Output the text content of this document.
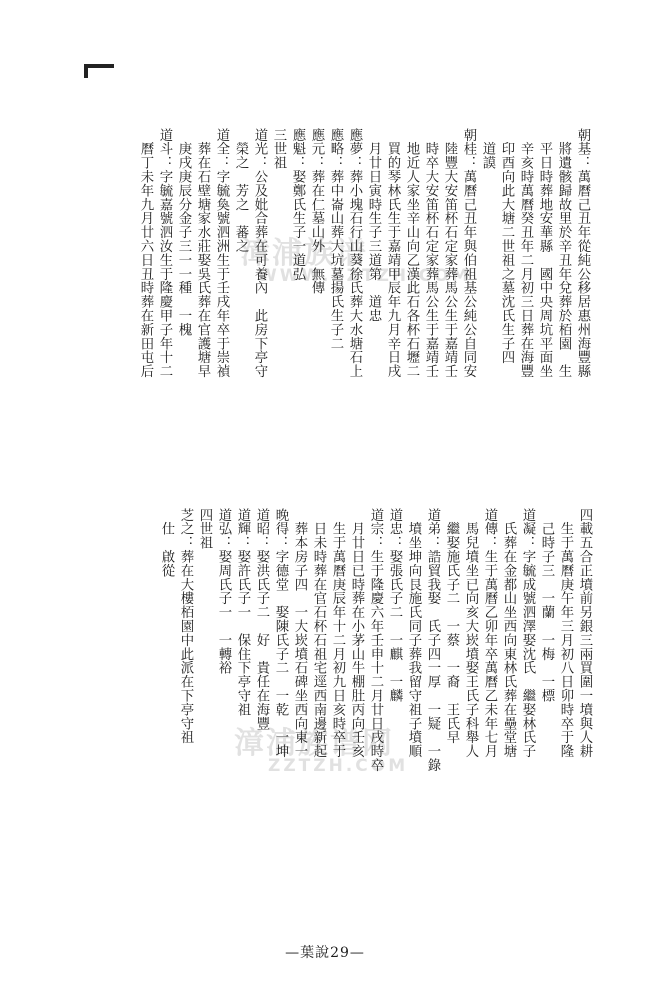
漳浦族谱
WWW.ZZTZH.COM
漳浦族谱网
ZZTZH.COM
朝基：萬曆己丑年從純公移居惠州海豐縣
　將遺骸歸故里於辛丑年兌葬於栢園　生
　平日時葬地安華縣　國中央周坑平面坐
　辛亥時萬曆癸丑年二月初三日葬在海豐
　印酉向此大塘二世祖之墓沈氏生子四
　道謨
朝桂：萬曆己丑年與伯祖基公純公自同安
　陸豐大安笛杯石定家葬馬公生于嘉靖壬
　時卒大安笛杯石定家葬馬公生于嘉靖壬
　地近人家坐辛山向乙漢此石各杯石壢二
　買的琴林氏生于嘉靖甲辰年九月辛日戌
　月廿日寅時生子三道第　道忠
應夢：葬小塊石行山葵徐氏葬大水塘石上
應略：葬中崙山葬大坑墓揚氏生子二
應元：葬在仁墓山外　無傳
應魁：娶鄭氏生子一道弘
三世祖
道光：公及妣合葬在可養內　此房下亭守
　榮之　芳之　蕃之
道全：字毓奐號泗洲生于壬戌年卒于崇禎
　葬在石壁塘家水莊娶吳氏葬在官護塘早
　庚戌庚辰分金子三一一種　一槐
道斗：字毓嘉號泗汝生于隆慶甲子年十二
　曆丁未年九月廿六日丑時葬在新田屯后
四載五合正墳前另銀三兩買圍一墳與人耕
　生于萬曆庚午年三月初八日卯時卒于隆
　己時子三　一蘭　一梅　一標
道凝：字毓成號泗澤娶沈氏　繼娶林氏子
　氏葬在金都山坐西向東林氏葬在壘堂塘
道傳：生于萬曆乙卯年卒萬曆乙未年七月
　馬兒墳坐已向亥大崁墳娶王氏子科舉人
　繼娶施氏子二　一蔡　一裔　王氏早
道弟：誥貿我娶　氏子四一厚　一疑　一錄
　墳坐坤向艮施氏同子葬我留守祖子墳順
道忠：娶張氏子二　一麒　一麟
道宗：生于隆慶六年壬申十二月廿日戌時卒
　月廿日已時葬在小茅山牛棚肚丙向壬亥
　生于萬曆庚辰年十二月初九日亥時卒于
　日未時葬在官石杯石祖宅逕西南邊新起
　葬本房子四　一大崁墳石碑坐西向東一
晚得：字德堂　娶陳氏子二　一乾　一坤
道昭：娶洪氏子二　好　貴任在海豐
道輝：娶許氏子一　保住下亭守祖
道弘：娶周氏子一　一轉裕
四世祖
芝之：葬在大樓栢園中此派在下亭守祖
　仕　啟從
—葉說29—
